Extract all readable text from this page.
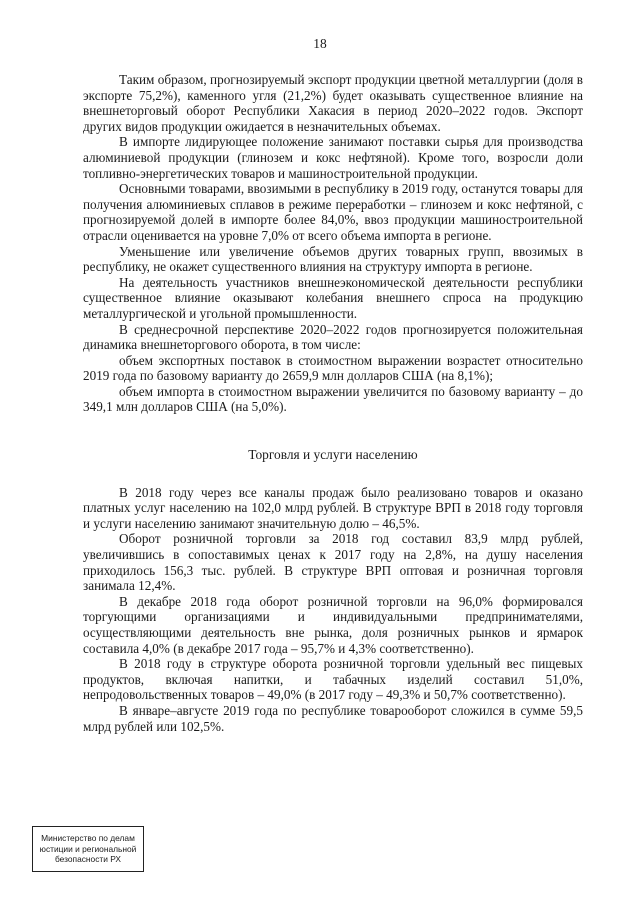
18

Таким образом, прогнозируемый экспорт продукции цветной металлургии (доля в экспорте 75,2%), каменного угля (21,2%) будет оказывать существенное влияние на внешнеторговый оборот Республики Хакасия в период 2020–2022 годов. Экспорт других видов продукции ожидается в незначительных объемах.

В импорте лидирующее положение занимают поставки сырья для производства алюминиевой продукции (глинозем и кокс нефтяной). Кроме того, возросли доли топливно-энергетических товаров и машиностроительной продукции.

Основными товарами, ввозимыми в республику в 2019 году, останутся товары для получения алюминиевых сплавов в режиме переработки – глинозем и кокс нефтяной, с прогнозируемой долей в импорте более 84,0%, ввоз продукции машиностроительной отрасли оценивается на уровне 7,0% от всего объема импорта в регионе.

Уменьшение или увеличение объемов других товарных групп, ввозимых в республику, не окажет существенного влияния на структуру импорта в регионе.

На деятельность участников внешнеэкономической деятельности республики существенное влияние оказывают колебания внешнего спроса на продукцию металлургической и угольной промышленности.

В среднесрочной перспективе 2020–2022 годов прогнозируется положительная динамика внешнеторгового оборота, в том числе:

объем экспортных поставок в стоимостном выражении возрастет относительно 2019 года по базовому варианту до 2659,9 млн долларов США (на 8,1%);

объем импорта в стоимостном выражении увеличится по базовому варианту – до 349,1 млн долларов США (на 5,0%).

Торговля и услуги населению

В 2018 году через все каналы продаж было реализовано товаров и оказано платных услуг населению на 102,0 млрд рублей. В структуре ВРП в 2018 году торговля и услуги населению занимают значительную долю – 46,5%.

Оборот розничной торговли за 2018 год составил 83,9 млрд рублей, увеличившись в сопоставимых ценах к 2017 году на 2,8%, на душу населения приходилось 156,3 тыс. рублей. В структуре ВРП оптовая и розничная торговля занимала 12,4%.

В декабре 2018 года оборот розничной торговли на 96,0% формировался торгующими организациями и индивидуальными предпринимателями, осуществляющими деятельность вне рынка, доля розничных рынков и ярмарок составила 4,0% (в декабре 2017 года – 95,7% и 4,3% соответственно).

В 2018 году в структуре оборота розничной торговли удельный вес пищевых продуктов, включая напитки, и табачных изделий составил 51,0%, непродовольственных товаров – 49,0% (в 2017 году – 49,3% и 50,7% соответственно).

В январе–августе 2019 года по республике товарооборот сложился в сумме 59,5 млрд рублей или 102,5%.

Министерство по делам
юстиции и региональной
безопасности РХ
